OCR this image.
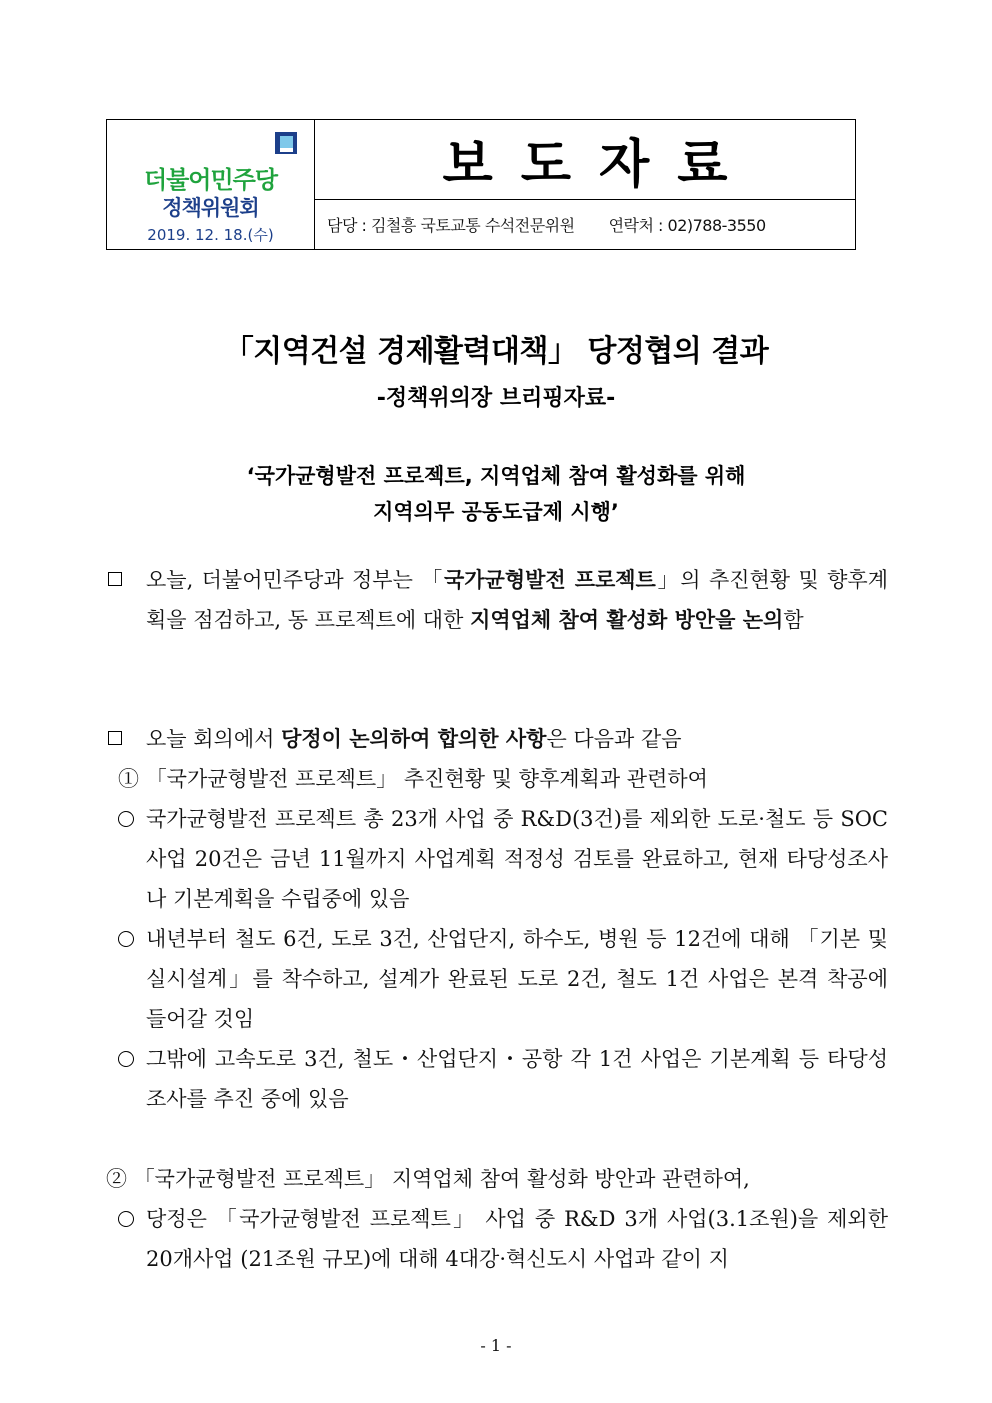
더불어민주당
정책위원회
2019. 12. 18.(수)
보도자료
담당 : 김철흥 국토교통 수석전문위원 연락처 : 02)788-3550
「지역건설 경제활력대책」 당정협의 결과
-정책위의장 브리핑자료-
‘국가균형발전 프로젝트, 지역업체 참여 활성화를 위해
지역의무 공동도급제 시행’
오늘, 더불어민주당과 정부는 「국가균형발전 프로젝트」의 추진현황 및 향후계획을 점검하고, 동 프로젝트에 대한 지역업체 참여 활성화 방안을 논의함
오늘 회의에서 당정이 논의하여 합의한 사항은 다음과 같음
① 「국가균형발전 프로젝트」 추진현황 및 향후계획과 관련하여
국가균형발전 프로젝트 총 23개 사업 중 R&D(3건)를 제외한 도로·철도 등 SOC 사업 20건은 금년 11월까지 사업계획 적정성 검토를 완료하고, 현재 타당성조사나 기본계획을 수립중에 있음
내년부터 철도 6건, 도로 3건, 산업단지, 하수도, 병원 등 12건에 대해 「기본 및 실시설계」를 착수하고, 설계가 완료된 도로 2건, 철도 1건 사업은 본격 착공에 들어갈 것임
그밖에 고속도로 3건, 철도・산업단지・공항 각 1건 사업은 기본계획 등 타당성 조사를 추진 중에 있음
② 「국가균형발전 프로젝트」 지역업체 참여 활성화 방안과 관련하여,
당정은 「국가균형발전 프로젝트」 사업 중 R&D 3개 사업(3.1조원)을 제외한 20개사업 (21조원 규모)에 대해 4대강·혁신도시 사업과 같이 지
- 1 -
